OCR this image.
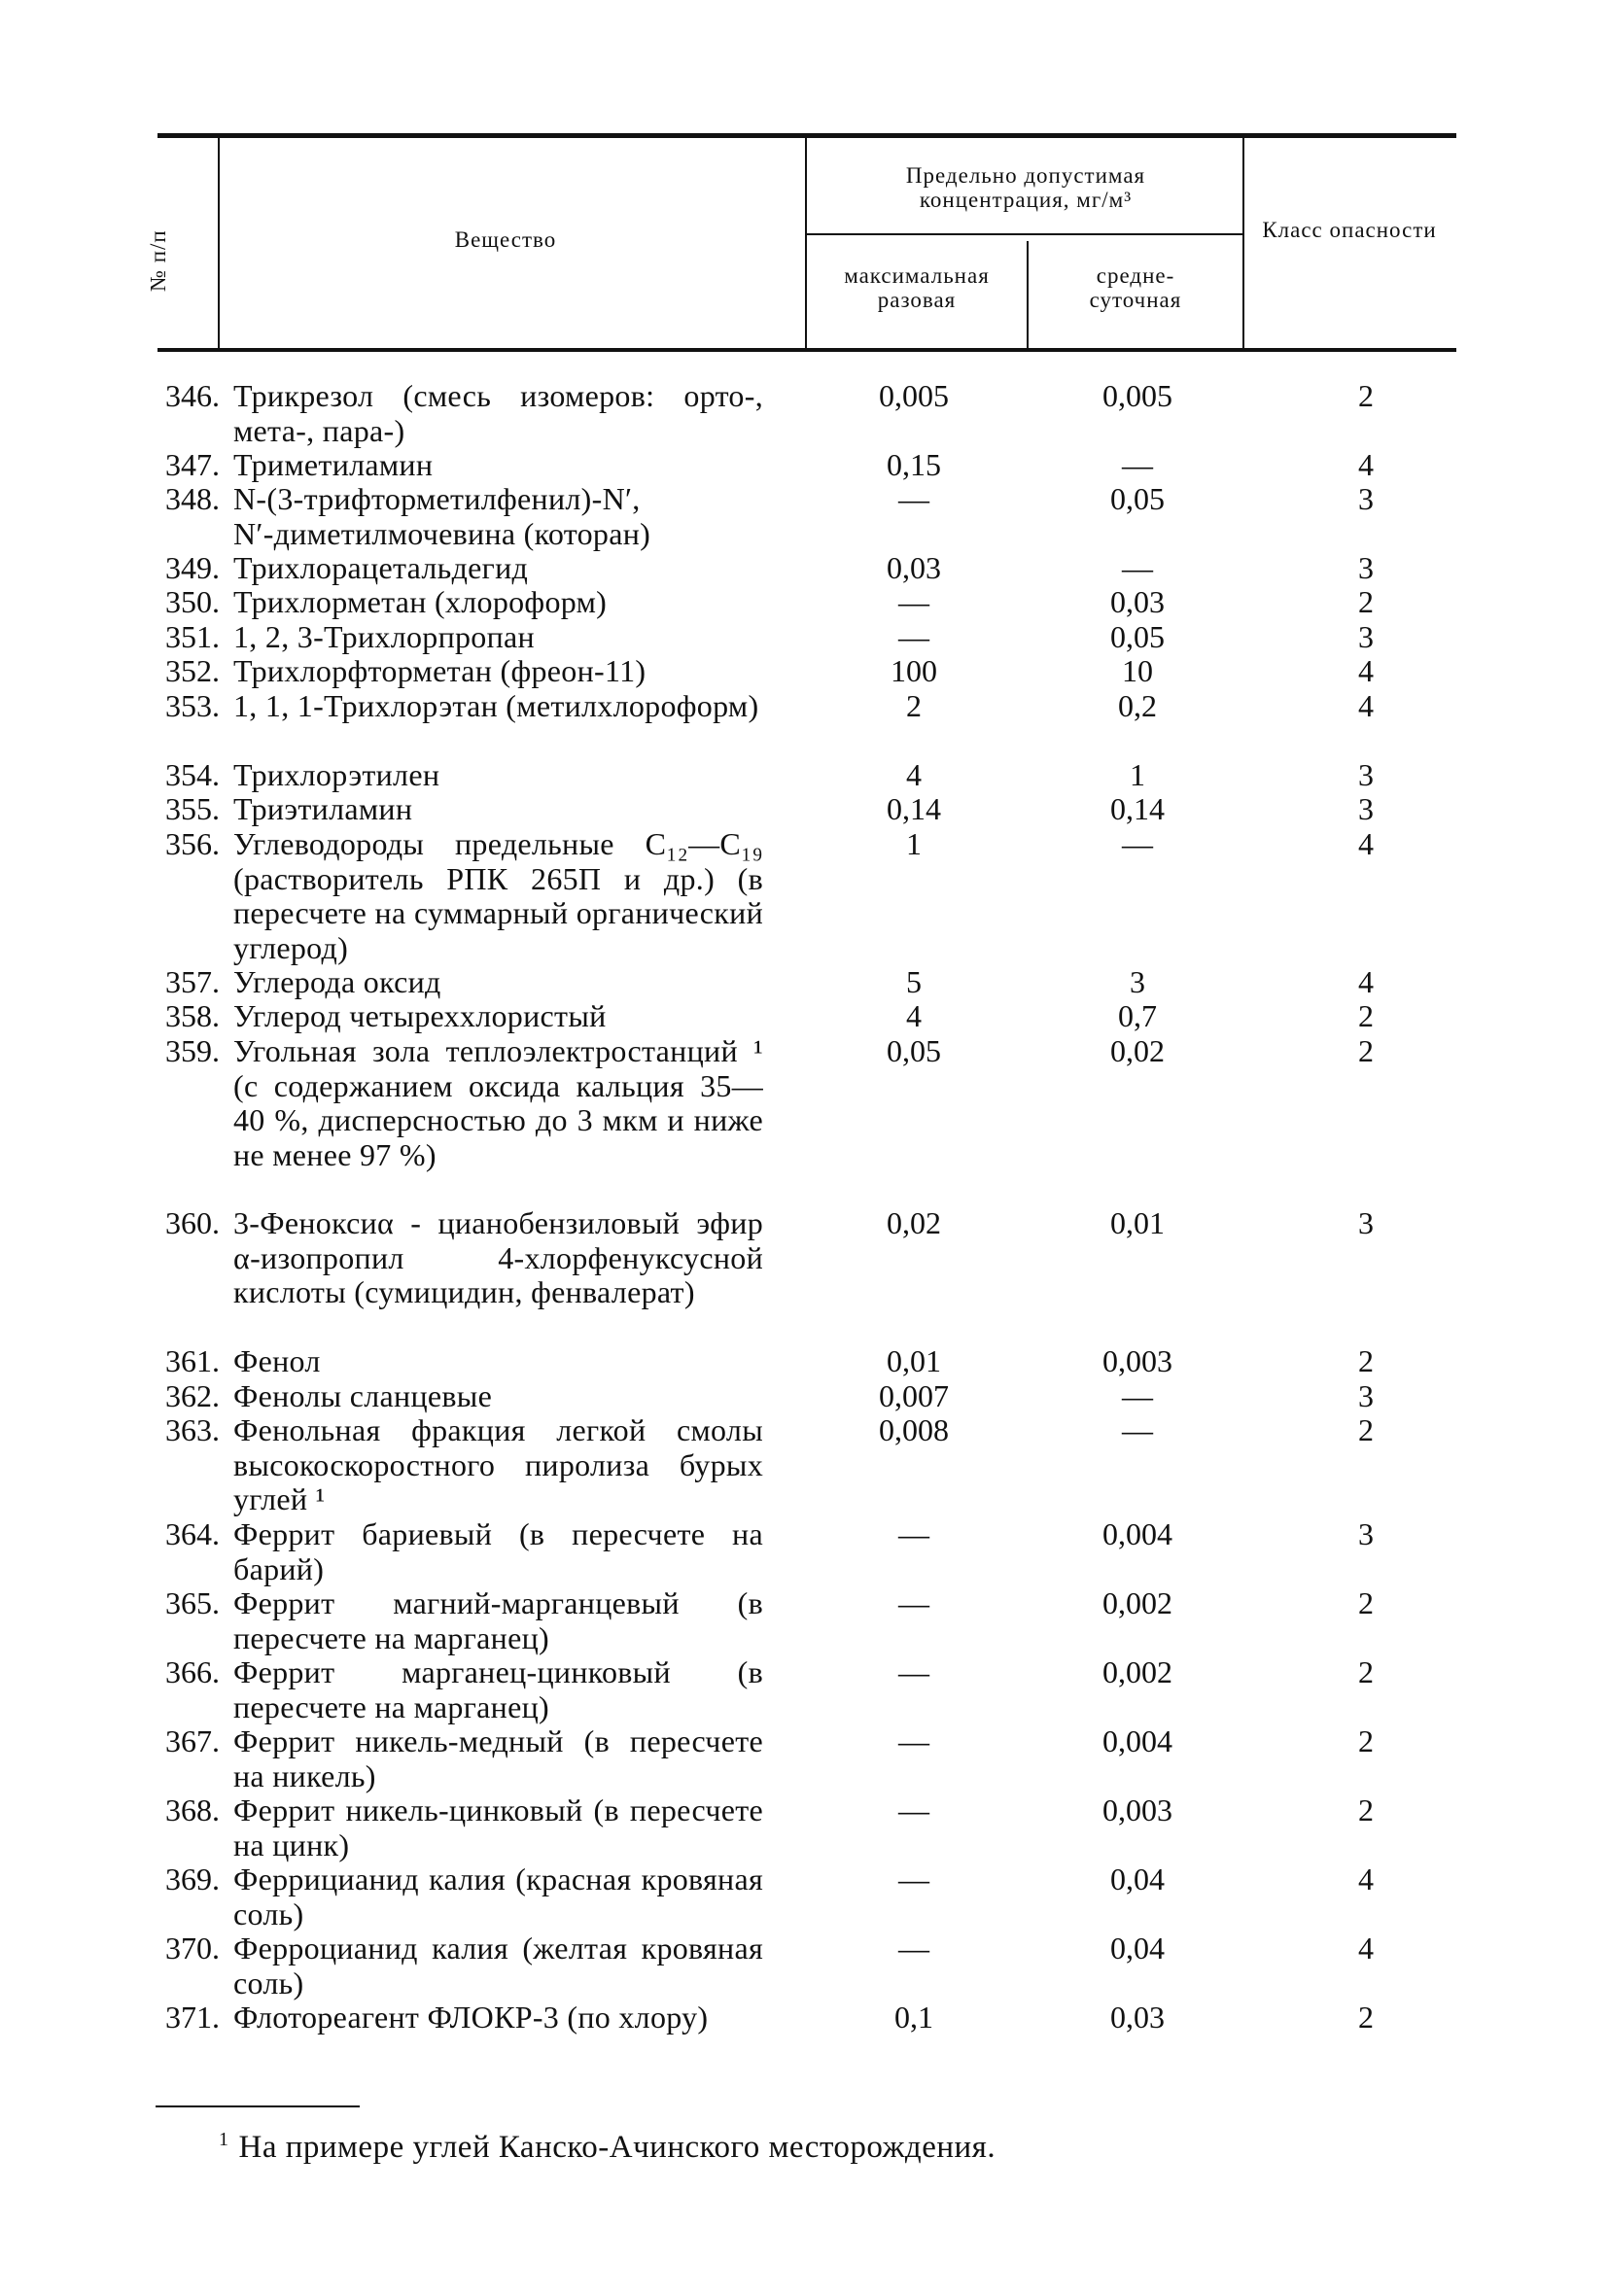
№ п/п	Вещество
Предельно допустимая концентрация, мг/м³
максимальная разовая
средне-суточная
Класс опасности
346. Трикрезол (смесь изомеров: орто-, мета-, пара-)
0,005	0,005	2
347. Триметиламин	0,15	—	4
348. N-(3-трифторметилфенил)-N′,
N′-диметилмочевина (которан)
—	0,05	3
349. Трихлорацетальдегид	0,03	—	3
350. Трихлорметан (хлороформ)	—	0,03	2
351. 1, 2, 3-Трихлорпропан	—	0,05	3
352. Трихлорфторметан (фреон-11)	100	10	4
353. 1, 1, 1-Трихлорэтан (метилхлороформ)	2	0,2	4
354. Трихлорэтилен	4	1	3
355. Триэтиламин	0,14	0,14	3
356. Углеводороды предельные C₁₂—C₁₉ (растворитель РПК 265П и др.) (в пересчете на суммарный органический углерод)
1	—	4
357. Углерода оксид	5	3	4
358. Углерод четыреххлористый	4	0,7	2
359. Угольная зола теплоэлектростанций ¹ (с содержанием оксида кальция 35—40 %, дисперсностью до 3 мкм и ниже не менее 97 %)
0,05	0,02	2
360. 3-Феноксиα - цианобензиловый эфир α-изопропил 4-хлорфенуксусной кислоты (сумицидин, фенвалерат)
0,02	0,01	3
361. Фенол	0,01	0,003	2
362. Фенолы сланцевые	0,007	—	3
363. Фенольная фракция легкой смолы высокоскоростного пиролиза бурых углей ¹
0,008	—	2
364. Феррит бариевый (в пересчете на барий)
—	0,004	3
365. Феррит магний-марганцевый (в пересчете на марганец)
—	0,002	2
366. Феррит марганец-цинковый (в пересчете на марганец)
—	0,002	2
367. Феррит никель-медный (в пересчете на никель)
—	0,004	2
368. Феррит никель-цинковый (в пересчете на цинк)
—	0,003	2
369. Феррицианид калия (красная кровяная соль)
—	0,04	4
370. Ферроцианид калия (желтая кровяная соль)
—	0,04	4
371. Флотореагент ФЛОКР-3 (по хлору)	0,1	0,03	2
$^1$ На примере углей Канско-Ачинского месторождения.
